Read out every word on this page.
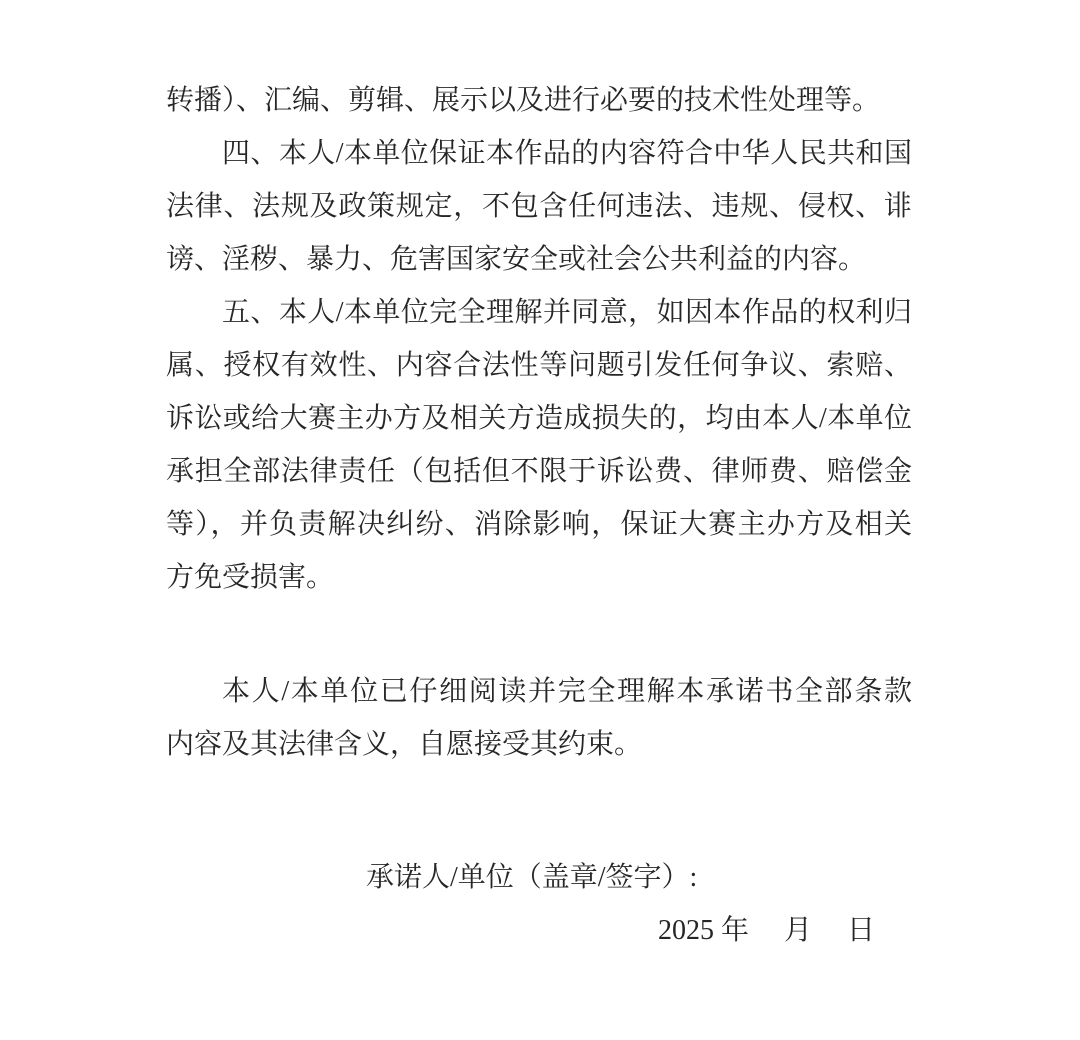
转播）、汇编、剪辑、展示以及进行必要的技术性处理等。
四、本人/本单位保证本作品的内容符合中华人民共和国
法律、法规及政策规定，不包含任何违法、违规、侵权、诽
谤、淫秽、暴力、危害国家安全或社会公共利益的内容。
五、本人/本单位完全理解并同意，如因本作品的权利归
属、授权有效性、内容合法性等问题引发任何争议、索赔、
诉讼或给大赛主办方及相关方造成损失的，均由本人/本单位
承担全部法律责任（包括但不限于诉讼费、律师费、赔偿金
等），并负责解决纠纷、消除影响，保证大赛主办方及相关
方免受损害。
本人/本单位已仔细阅读并完全理解本承诺书全部条款
内容及其法律含义，自愿接受其约束。
承诺人/单位（盖章/签字）:
2025 年　 月　 日
